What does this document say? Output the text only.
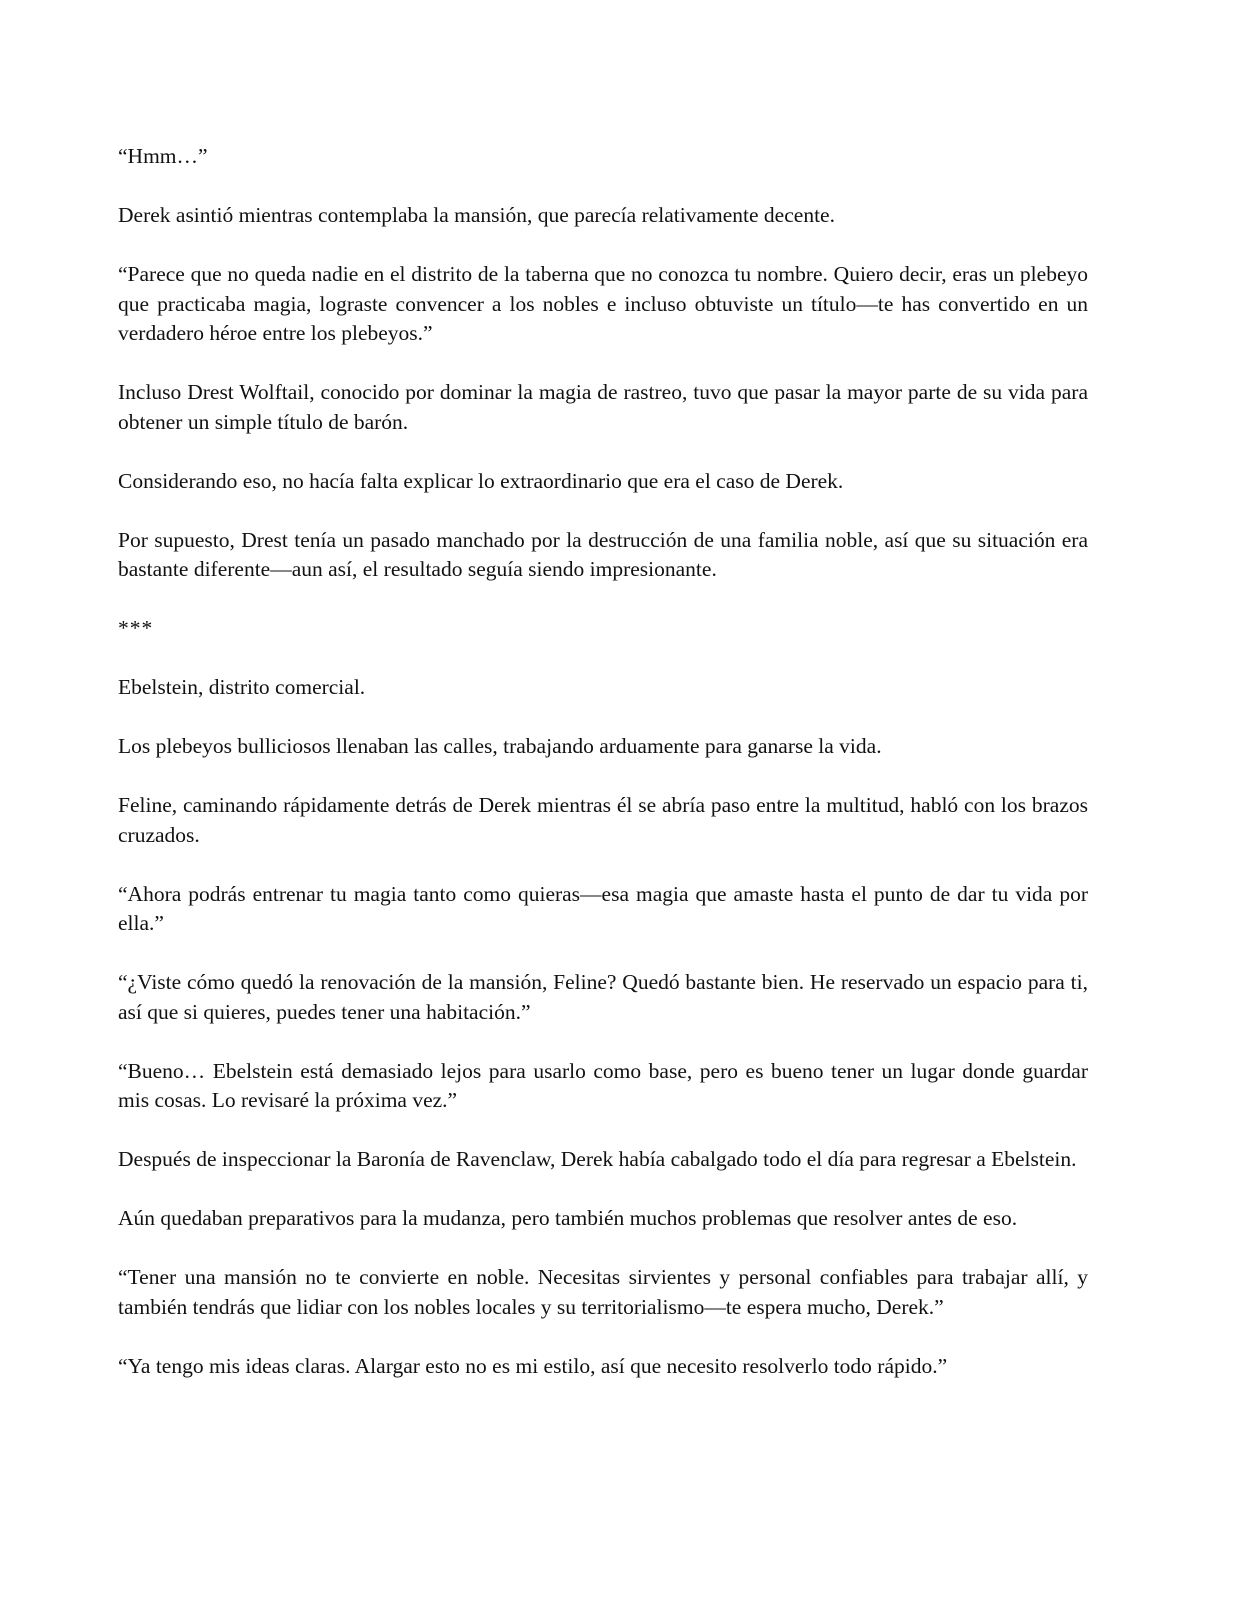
“Hmm…”

Derek asintió mientras contemplaba la mansión, que parecía relativamente decente.

“Parece que no queda nadie en el distrito de la taberna que no conozca tu nombre. Quiero decir, eras un plebeyo que practicaba magia, lograste convencer a los nobles e incluso obtuviste un título—te has convertido en un verdadero héroe entre los plebeyos.”

Incluso Drest Wolftail, conocido por dominar la magia de rastreo, tuvo que pasar la mayor parte de su vida para obtener un simple título de barón.

Considerando eso, no hacía falta explicar lo extraordinario que era el caso de Derek.

Por supuesto, Drest tenía un pasado manchado por la destrucción de una familia noble, así que su situación era bastante diferente—aun así, el resultado seguía siendo impresionante.

***

Ebelstein, distrito comercial.

Los plebeyos bulliciosos llenaban las calles, trabajando arduamente para ganarse la vida.

Feline, caminando rápidamente detrás de Derek mientras él se abría paso entre la multitud, habló con los brazos cruzados.

“Ahora podrás entrenar tu magia tanto como quieras—esa magia que amaste hasta el punto de dar tu vida por ella.”

“¿Viste cómo quedó la renovación de la mansión, Feline? Quedó bastante bien. He reservado un espacio para ti, así que si quieres, puedes tener una habitación.”

“Bueno… Ebelstein está demasiado lejos para usarlo como base, pero es bueno tener un lugar donde guardar mis cosas. Lo revisaré la próxima vez.”

Después de inspeccionar la Baronía de Ravenclaw, Derek había cabalgado todo el día para regresar a Ebelstein.

Aún quedaban preparativos para la mudanza, pero también muchos problemas que resolver antes de eso.

“Tener una mansión no te convierte en noble. Necesitas sirvientes y personal confiables para trabajar allí, y también tendrás que lidiar con los nobles locales y su territorialismo—te espera mucho, Derek.”

“Ya tengo mis ideas claras. Alargar esto no es mi estilo, así que necesito resolverlo todo rápido.”
